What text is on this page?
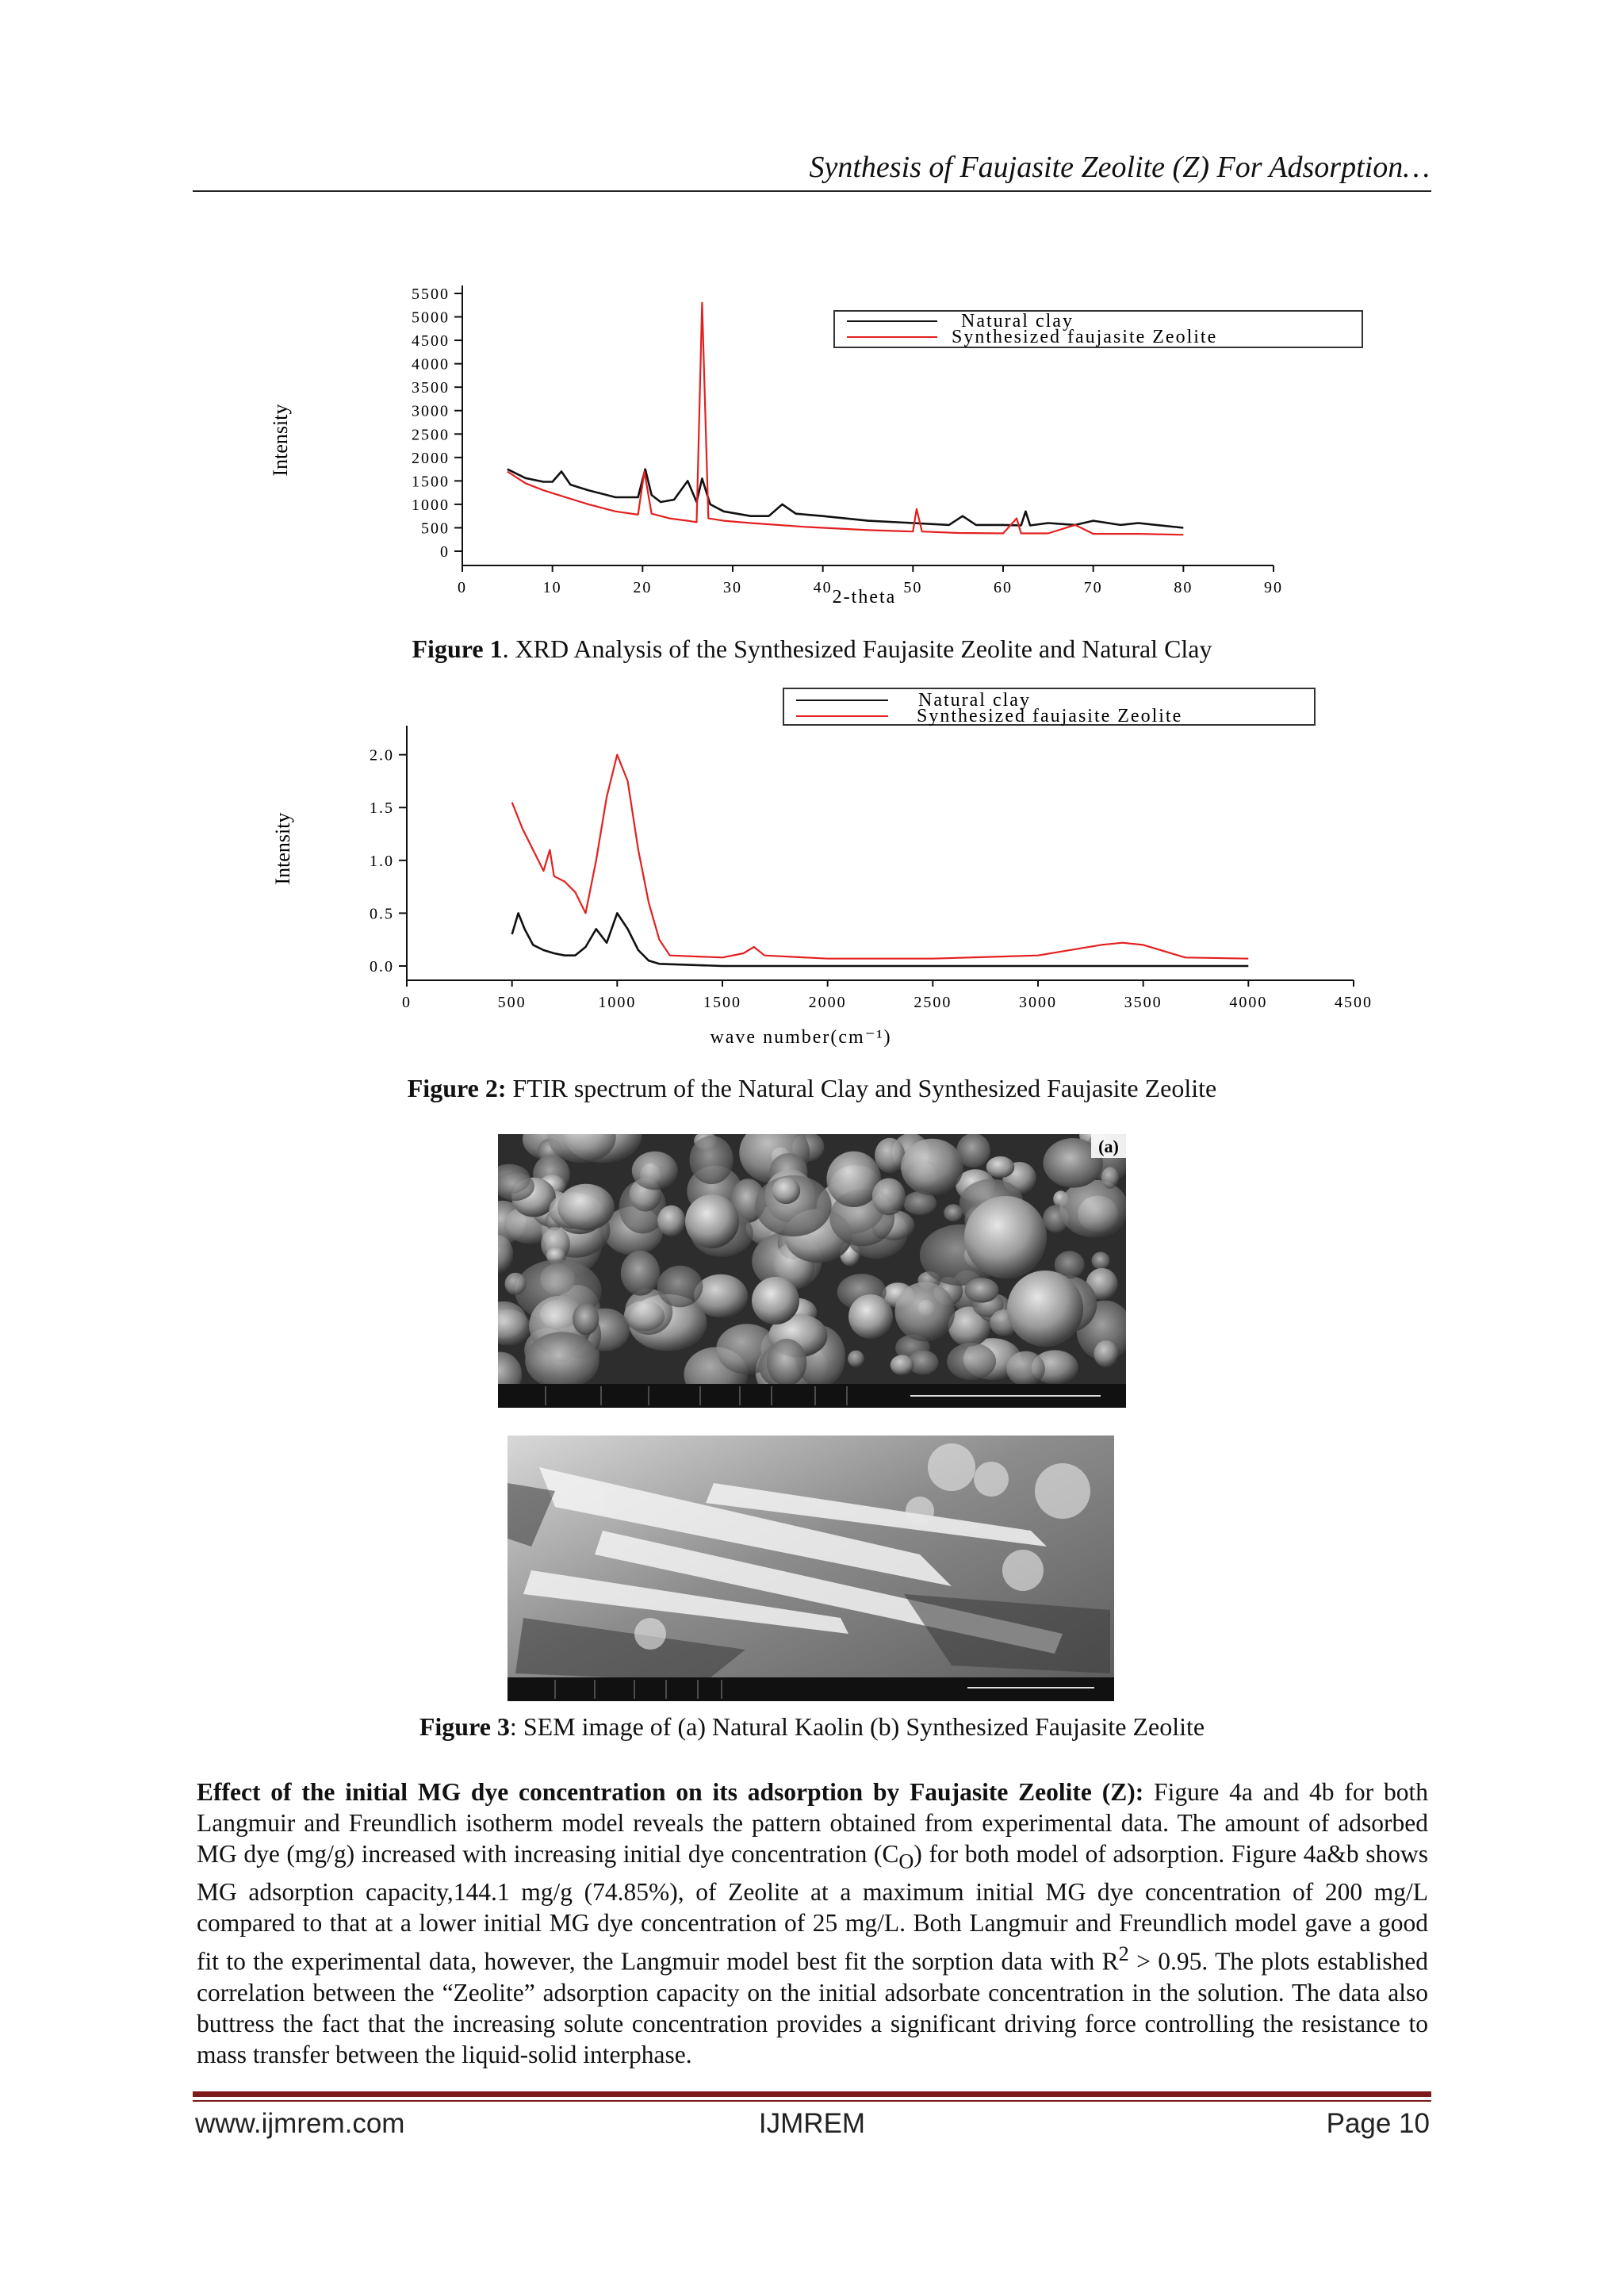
Synthesis of Faujasite Zeolite (Z) For Adsorption…
0
500
1000
1500
2000
2500
3000
3500
4000
4500
5000
5500
0	10	20	30	40	50	60	70	80	90
Natural clay
Synthesized faujasite Zeolite
Intensity
2-theta
Figure 1. XRD Analysis of the Synthesized Faujasite Zeolite and Natural Clay
0.0
0.5
1.0
1.5
2.0
0	500	1000	1500	2000	2500	3000	3500	4000	4500
Natural clay
Synthesized faujasite Zeolite
Intensity
wave number(cm⁻¹)
Figure 2: FTIR spectrum of the Natural Clay and Synthesized Faujasite Zeolite
(a)
Figure 3: SEM image of (a) Natural Kaolin (b) Synthesized Faujasite Zeolite
Effect of the initial MG dye concentration on its adsorption by Faujasite Zeolite (Z): Figure 4a and 4b for both Langmuir and Freundlich isotherm model reveals the pattern obtained from experimental data. The amount of adsorbed MG dye (mg/g) increased with increasing initial dye concentration $(C_O)$ for both model of adsorption. Figure 4a&b shows MG adsorption capacity,144.1 mg/g (74.85%), of Zeolite at a maximum initial MG dye concentration of 200 mg/L compared to that at a lower initial MG dye concentration of 25 mg/L. Both Langmuir and Freundlich model gave a good fit to the experimental data, however, the Langmuir model best fit the sorption data with $R^2 > 0.95$. The plots established correlation between the “Zeolite” adsorption capacity on the initial adsorbate concentration in the solution. The data also buttress the fact that the increasing solute concentration provides a significant driving force controlling the resistance to mass transfer between the liquid-solid interphase.
www.ijmrem.com	IJMREM	Page 10
